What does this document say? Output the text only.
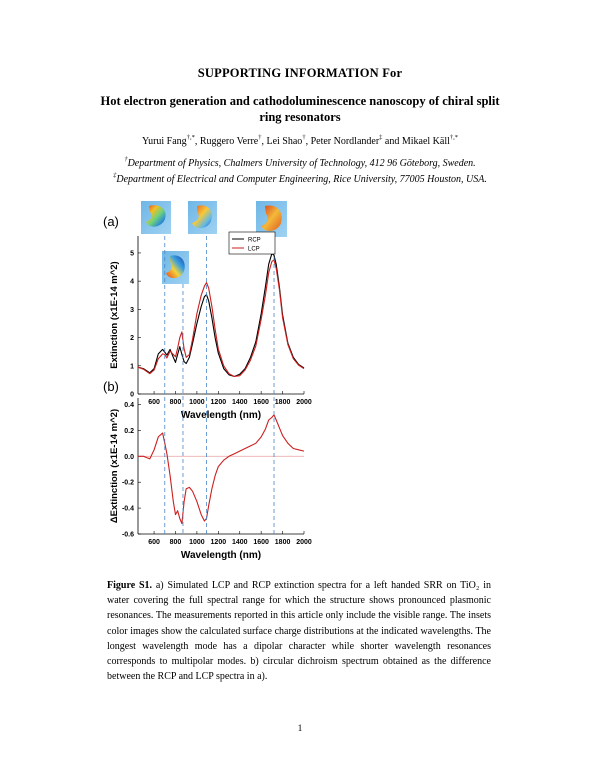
SUPPORTING INFORMATION For
Hot electron generation and cathodoluminescence nanoscopy of chiral split
ring resonators
Yurui Fang†,*, Ruggero Verre†, Lei Shao†, Peter Nordlander‡ and Mikael Käll†,*
†Department of Physics, Chalmers University of Technology, 412 96 Göteborg, Sweden.
‡Department of Electrical and Computer Engineering, Rice University, 77005 Houston, USA.
(a)
(b)
0
1
2
3
4
5
600 800 1000 1200 1400 1600 1800 2000
Wavelength (nm)
Extinction (x1E-14 m^2)
-0.6
-0.4
-0.2
0.0
0.2
0.4
600 800 1000 1200 1400 1600 1800 2000
Wavelength (nm)
ΔExtinction (x1E-14 m^2)
RCP
LCP
Figure S1. a) Simulated LCP and RCP extinction spectra for a left handed SRR on TiO₂ in water covering the full spectral range for which the structure shows pronounced plasmonic resonances. The measurements reported in this article only include the visible range. The insets color images show the calculated surface charge distributions at the indicated wavelengths. The longest wavelength mode has a dipolar character while shorter wavelength resonances corresponds to multipolar modes. b) circular dichroism spectrum obtained as the difference between the RCP and LCP spectra in a).
1
